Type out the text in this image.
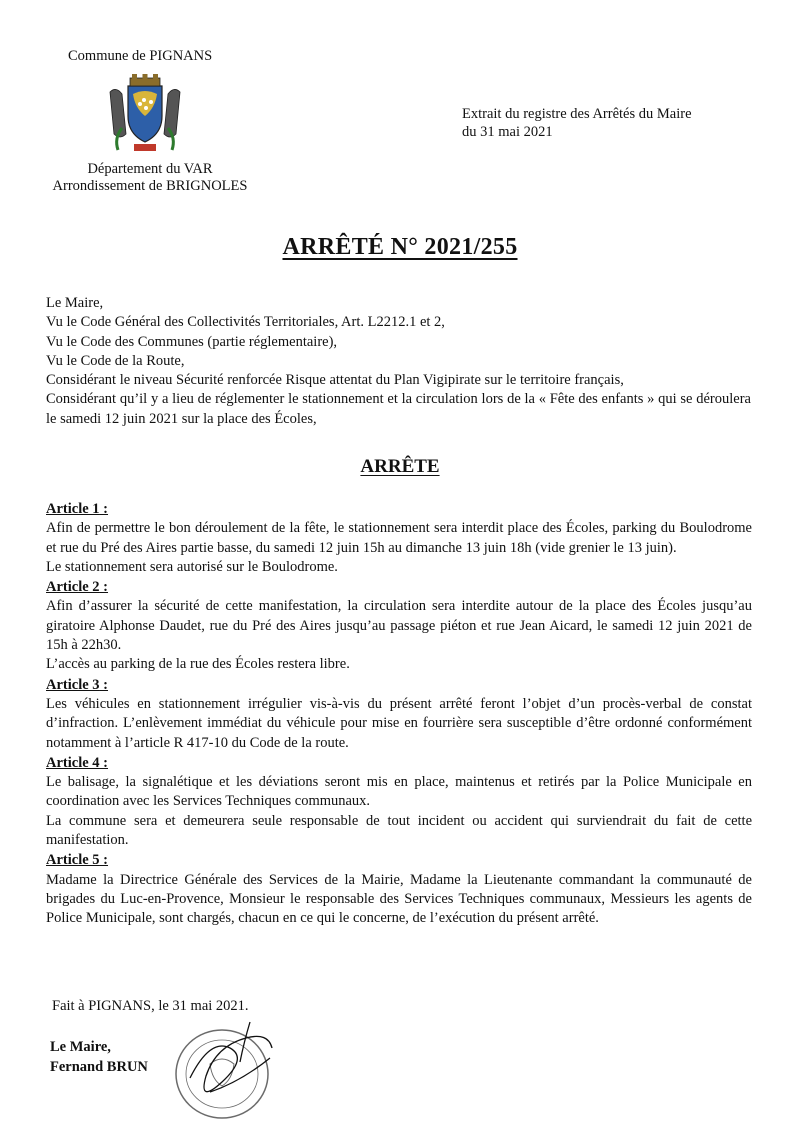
Commune de PIGNANS
Département du VAR
Arrondissement de BRIGNOLES
Extrait du registre des Arrêtés du Maire
du 31 mai 2021
ARRÊTÉ N° 2021/255

Le Maire,

Vu le Code Général des Collectivités Territoriales, Art. L2212.1 et 2,

Vu le Code des Communes (partie réglementaire),

Vu le Code de la Route,

Considérant le niveau Sécurité renforcée Risque attentat du Plan Vigipirate sur le territoire français,

Considérant qu’il y a lieu de réglementer le stationnement et la circulation lors de la « Fête des enfants » qui se déroulera le samedi 12 juin 2021 sur la place des Écoles,

ARRÊTE
Article 1 :

Afin de permettre le bon déroulement de la fête, le stationnement sera interdit place des Écoles, parking du Boulodrome et rue du Pré des Aires partie basse, du samedi 12 juin 15h au dimanche 13 juin 18h (vide grenier le 13 juin).

Le stationnement sera autorisé sur le Boulodrome.

Article 2 :

Afin d’assurer la sécurité de cette manifestation, la circulation sera interdite autour de la place des Écoles jusqu’au giratoire Alphonse Daudet, rue du Pré des Aires jusqu’au passage piéton et rue Jean Aicard, le samedi 12 juin 2021 de 15h à 22h30.

L’accès au parking de la rue des Écoles restera libre.

Article 3 :

Les véhicules en stationnement irrégulier vis-à-vis du présent arrêté feront l’objet d’un procès-verbal de constat d’infraction. L’enlèvement immédiat du véhicule pour mise en fourrière sera susceptible d’être ordonné conformément notamment à l’article R 417-10 du Code de la route.

Article 4 :

Le balisage, la signalétique et les déviations seront mis en place, maintenus et retirés par la Police Municipale en coordination avec les Services Techniques communaux.

La commune sera et demeurera seule responsable de tout incident ou accident qui surviendrait du fait de cette manifestation.

Article 5 :

Madame la Directrice Générale des Services de la Mairie, Madame la Lieutenante commandant la communauté de brigades du Luc-en-Provence, Monsieur le responsable des Services Techniques communaux, Messieurs les agents de Police Municipale, sont chargés, chacun en ce qui le concerne, de l’exécution du présent arrêté.

Fait à PIGNANS, le 31 mai 2021.
Le Maire,
Fernand BRUN
